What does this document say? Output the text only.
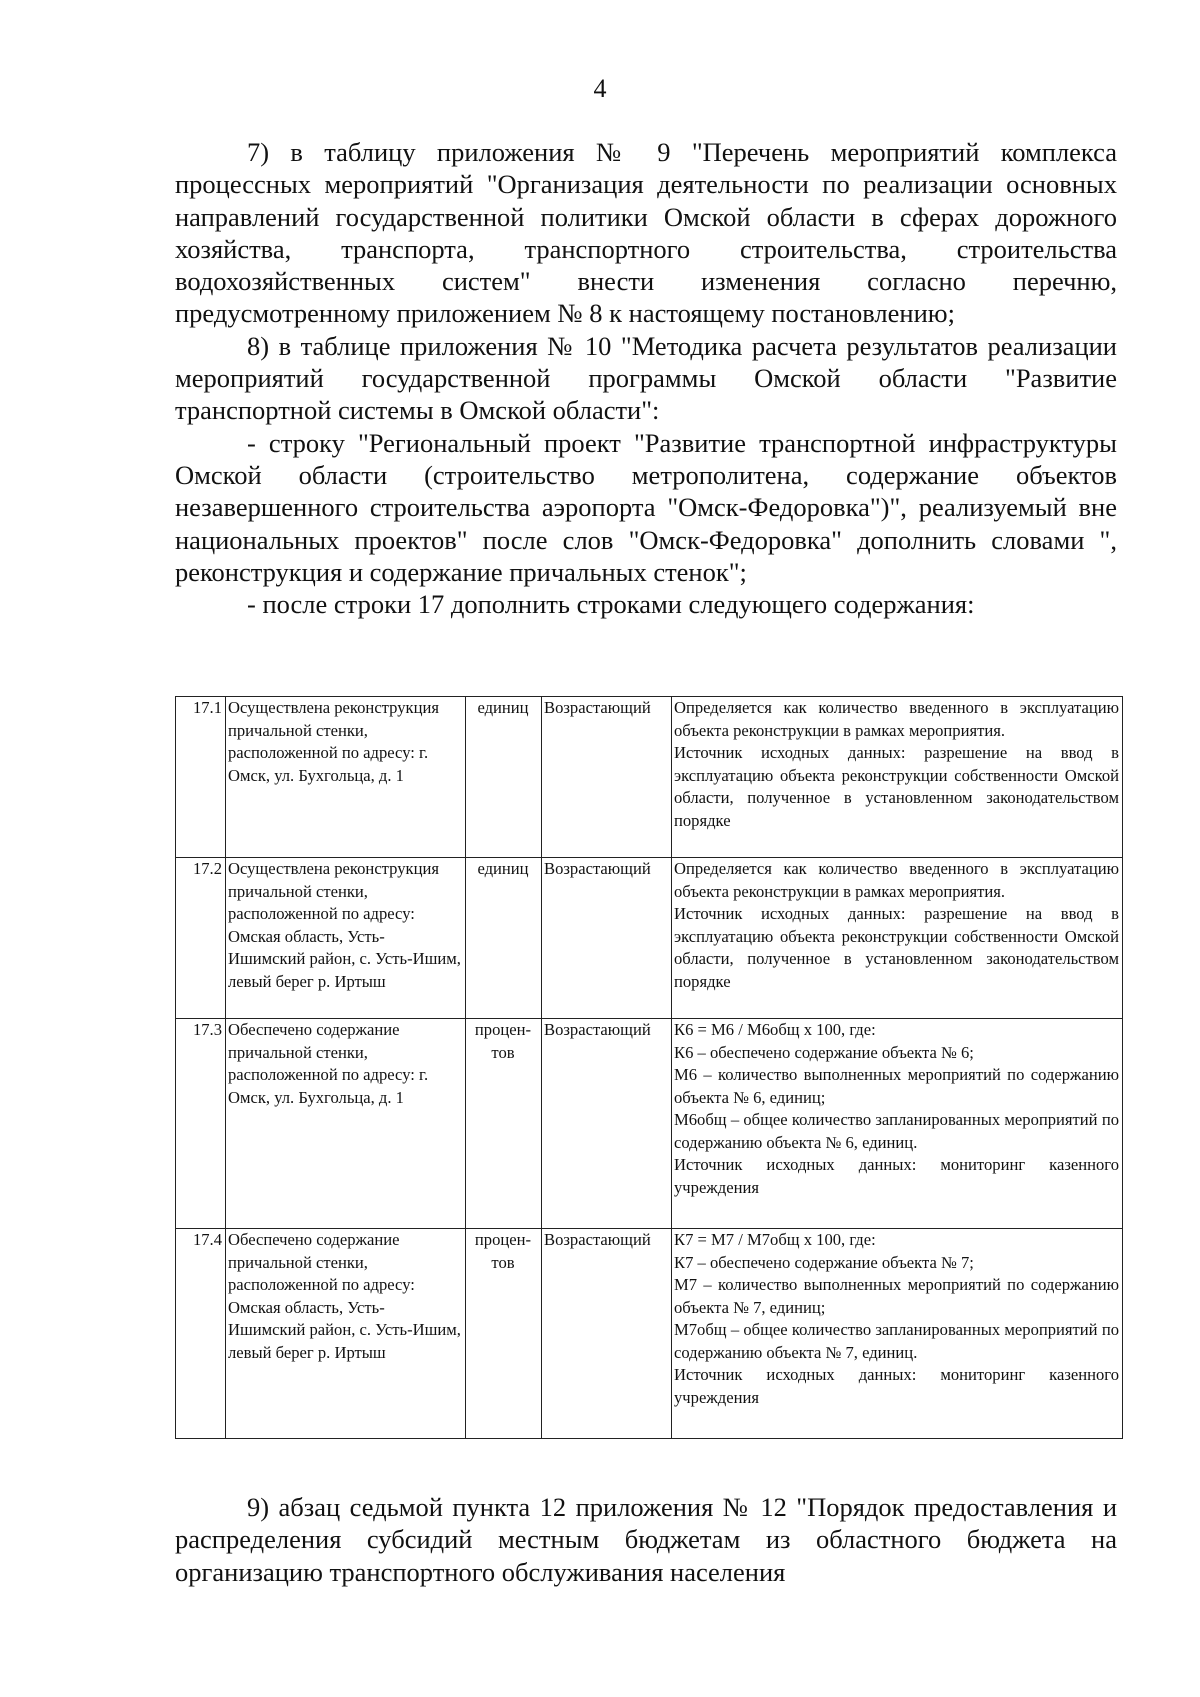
4

7) в таблицу приложения № 9 "Перечень мероприятий комплекса процессных мероприятий "Организация деятельности по реализации основных направлений государственной политики Омской области в сферах дорожного хозяйства, транспорта, транспортного строительства, строительства водохозяйственных систем" внести изменения согласно перечню, предусмотренному приложением № 8 к настоящему постановлению;

8) в таблице приложения № 10 "Методика расчета результатов реализации мероприятий государственной программы Омской области "Развитие транспортной системы в Омской области":

- строку "Региональный проект "Развитие транспортной инфраструктуры Омской области (строительство метрополитена, содержание объектов незавершенного строительства аэропорта "Омск-Федоровка")", реализуемый вне национальных проектов" после слов "Омск-Федоровка" дополнить словами ", реконструкция и содержание причальных стенок";

- после строки 17 дополнить строками следующего содержания:

17.1	Осуществлена реконструкция причальной стенки, расположенной по адресу: г. Омск, ул. Бухгольца, д. 1	единиц	Возрастающий	Определяется как количество введенного в эксплуатацию объекта реконструкции в рамках мероприятия.
Источник исходных данных: разрешение на ввод в эксплуатацию объекта реконструкции собственности Омской области, полученное в установленном законодательством порядке

17.2	Осуществлена реконструкция причальной стенки, расположенной по адресу: Омская область, Усть-Ишимский район, с. Усть-Ишим, левый берег р. Иртыш	единиц	Возрастающий	Определяется как количество введенного в эксплуатацию объекта реконструкции в рамках мероприятия.
Источник исходных данных: разрешение на ввод в эксплуатацию объекта реконструкции собственности Омской области, полученное в установленном законодательством порядке

17.3	Обеспечено содержание причальной стенки, расположенной по адресу: г. Омск, ул. Бухгольца, д. 1	процен-тов	Возрастающий	К6 = М6 / М6общ х 100, где:
К6 – обеспечено содержание объекта № 6;
М6 – количество выполненных мероприятий по содержанию объекта № 6, единиц;
М6общ – общее количество запланированных мероприятий по содержанию объекта № 6, единиц.
Источник исходных данных: мониторинг казенного учреждения

17.4	Обеспечено содержание причальной стенки, расположенной по адресу: Омская область, Усть-Ишимский район, с. Усть-Ишим, левый берег р. Иртыш	процен-тов	Возрастающий	К7 = М7 / М7общ х 100, где:
К7 – обеспечено содержание объекта № 7;
М7 – количество выполненных мероприятий по содержанию объекта № 7, единиц;
М7общ – общее количество запланированных мероприятий по содержанию объекта № 7, единиц.
Источник исходных данных: мониторинг казенного учреждения

9) абзац седьмой пункта 12 приложения № 12 "Порядок предоставления и распределения субсидий местным бюджетам из областного бюджета на организацию транспортного обслуживания населения
